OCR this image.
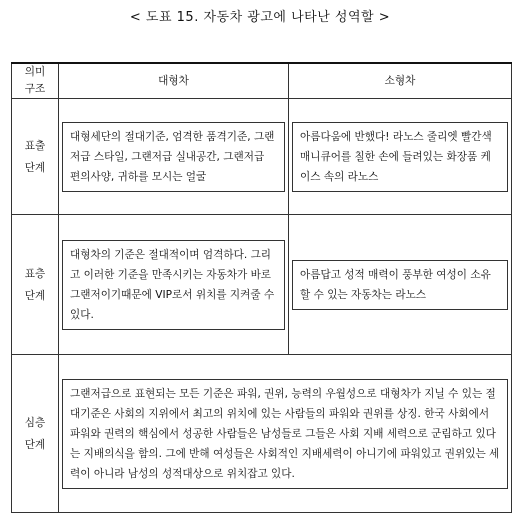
< 도표 15. 자동차 광고에 나타난 성역할 >
의미
구조	대형차	소형차

표출
단계	대형세단의 절대기준, 엄격한 품격기준, 그랜저급 스타일, 그랜저급 실내공간, 그랜저급 편의사양, 귀하를 모시는 얼굴	아름다움에 반했다! 라노스 줄리엣 빨간색 매니큐어를 칠한 손에 들려있는 화장품 케이스 속의 라노스

표층
단계	대형차의 기준은 절대적이며 엄격하다. 그리고 이러한 기준을 만족시키는 자동차가 바로 그랜저이기때문에 VIP로서 위치를 지켜줄 수 있다.	아름답고 성적 매력이 풍부한 여성이 소유할 수 있는 자동차는 라노스

심층
단계	그랜저급으로 표현되는 모든 기준은 파워, 권위, 능력의 우월성으로 대형차가 지닐 수 있는 절대기준은 사회의 지위에서 최고의 위치에 있는 사람들의 파워와 권위를 상징. 한국 사회에서 파워와 권력의 핵심에서 성공한 사람들은 남성들로 그들은 사회 지배 세력으로 군림하고 있다는 지배의식을 함의. 그에 반해 여성들은 사회적인 지배세력이 아니기에 파워있고 권위있는 세력이 아니라 남성의 성적대상으로 위치잡고 있다.	
